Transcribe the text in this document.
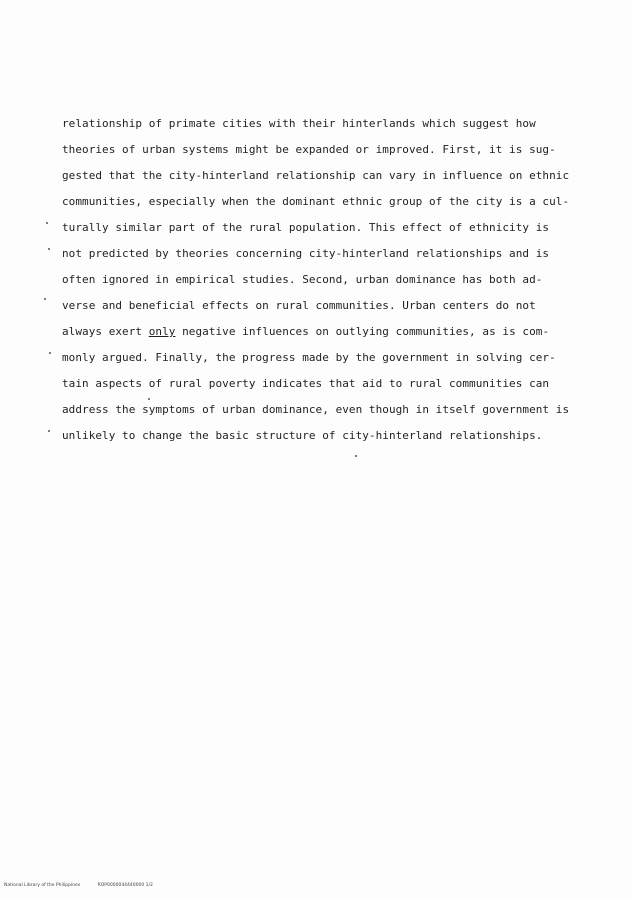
relationship of primate cities with their hinterlands which suggest how
theories of urban systems might be expanded or improved. First, it is sug-
gested that the city-hinterland relationship can vary in influence on ethnic
communities, especially when the dominant ethnic group of the city is a cul-
turally similar part of the rural population. This effect of ethnicity is
not predicted by theories concerning city-hinterland relationships and is
often ignored in empirical studies. Second, urban dominance has both ad-
verse and beneficial effects on rural communities. Urban centers do not
always exert only negative influences on outlying communities, as is com-
monly argued. Finally, the progress made by the government in solving cer-
tain aspects of rural poverty indicates that aid to rural communities can
address the symptoms of urban dominance, even though in itself government is
unlikely to change the basic structure of city-hinterland relationships.
National Library of the Philippines	ROP0000044440000 1/2
